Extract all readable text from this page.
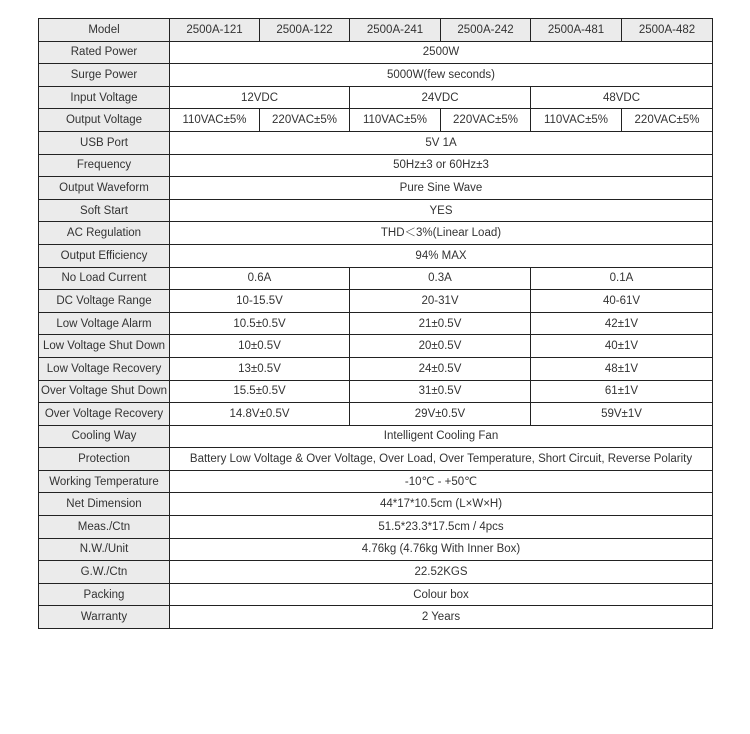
Model	2500A-121	2500A-122	2500A-241	2500A-242	2500A-481	2500A-482
Rated Power	2500W					
Surge Power	5000W(few seconds)					
Input Voltage	12VDC		24VDC		48VDC	
Output Voltage	110VAC±5%	220VAC±5%	110VAC±5%	220VAC±5%	110VAC±5%	220VAC±5%
USB Port	5V 1A					
Frequency	50Hz±3 or 60Hz±3					
Output Waveform	Pure Sine Wave					
Soft Start	YES					
AC Regulation	THD＜3%(Linear Load)					
Output Efficiency	94% MAX					
No Load Current	0.6A		0.3A		0.1A	
DC Voltage Range	10-15.5V		20-31V		40-61V	
Low Voltage Alarm	10.5±0.5V		21±0.5V		42±1V	
Low Voltage Shut Down	10±0.5V		20±0.5V		40±1V	
Low Voltage Recovery	13±0.5V		24±0.5V		48±1V	
Over Voltage Shut Down	15.5±0.5V		31±0.5V		61±1V	
Over Voltage Recovery	14.8V±0.5V		29V±0.5V		59V±1V	
Cooling Way	Intelligent Cooling Fan					
Protection	Battery Low Voltage & Over Voltage, Over Load, Over Temperature, Short Circuit, Reverse Polarity					
Working Temperature	-10℃ - +50℃					
Net Dimension	44*17*10.5cm (L×W×H)					
Meas./Ctn	51.5*23.3*17.5cm / 4pcs					
N.W./Unit	4.76kg (4.76kg With Inner Box)					
G.W./Ctn	22.52KGS					
Packing	Colour box					
Warranty	2 Years					
